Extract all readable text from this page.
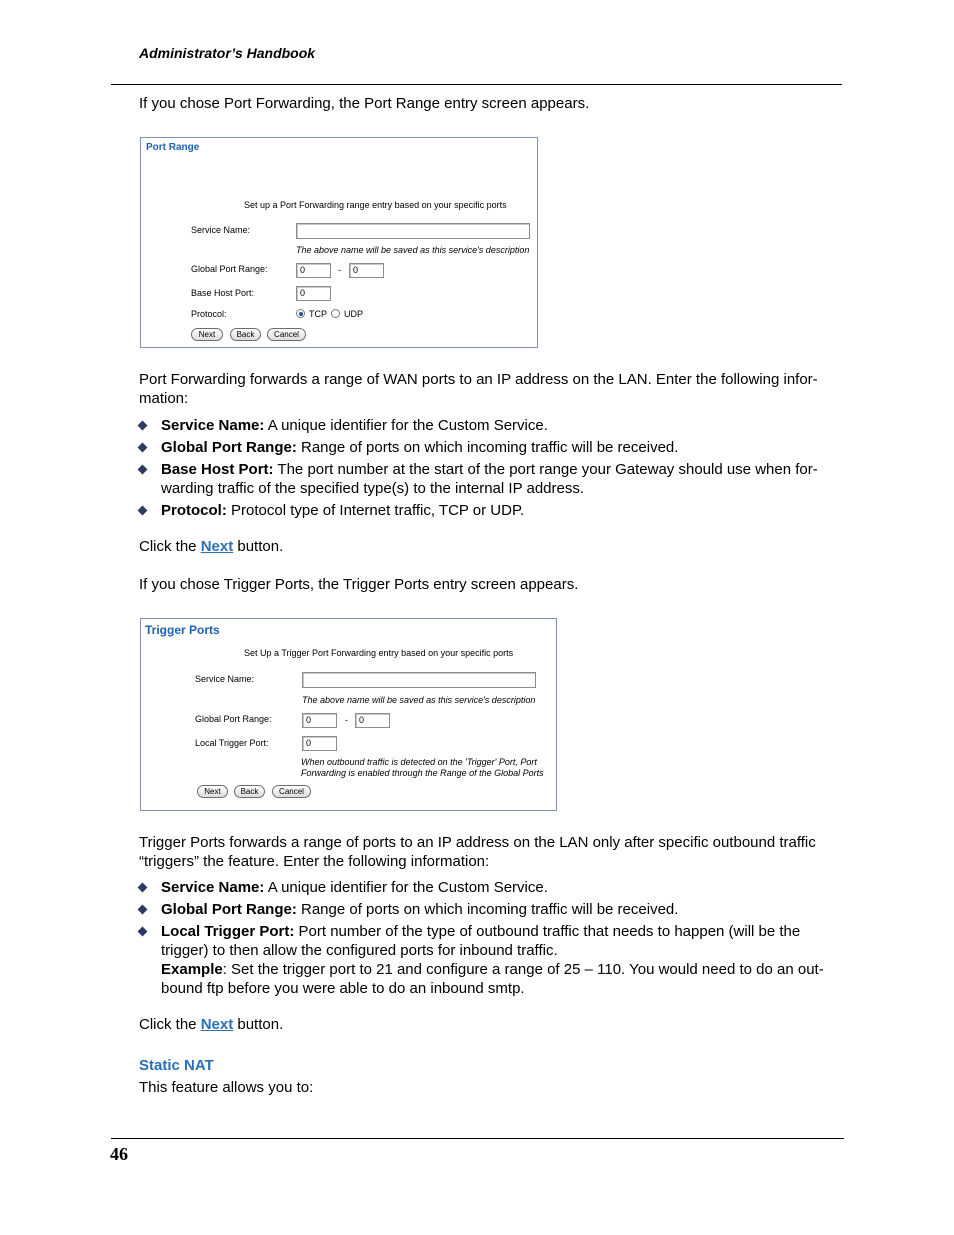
Administrator’s Handbook

If you chose Port Forwarding, the Port Range entry screen appears.

Port Range
Set up a Port Forwarding range entry based on your specific ports
Service Name:
The above name will be saved as this service's description
Global Port Range:	0	-	0
Base Host Port:	0
Protocol:	TCP UDP
Next	Back	Cancel

Port Forwarding forwards a range of WAN ports to an IP address on the LAN. Enter the following infor-mation:

Service Name: A unique identifier for the Custom Service.
Global Port Range: Range of ports on which incoming traffic will be received.
Base Host Port: The port number at the start of the port range your Gateway should use when for-warding traffic of the specified type(s) to the internal IP address.
Protocol: Protocol type of Internet traffic, TCP or UDP.

Click the Next button.

If you chose Trigger Ports, the Trigger Ports entry screen appears.

Trigger Ports
Set Up a Trigger Port Forwarding entry based on your specific ports
Service Name:
The above name will be saved as this service's description
Global Port Range:	0	-	0
Local Trigger Port:	0
When outbound traffic is detected on the 'Trigger' Port, Port
Forwarding is enabled through the Range of the Global Ports
Next	Back	Cancel

Trigger Ports forwards a range of ports to an IP address on the LAN only after specific outbound traffic “triggers” the feature. Enter the following information:

Service Name: A unique identifier for the Custom Service.
Global Port Range: Range of ports on which incoming traffic will be received.
Local Trigger Port: Port number of the type of outbound traffic that needs to happen (will be the trigger) to then allow the configured ports for inbound traffic.
Example: Set the trigger port to 21 and configure a range of 25 – 110. You would need to do an out-bound ftp before you were able to do an inbound smtp.

Click the Next button.

Static NAT

This feature allows you to:

46
